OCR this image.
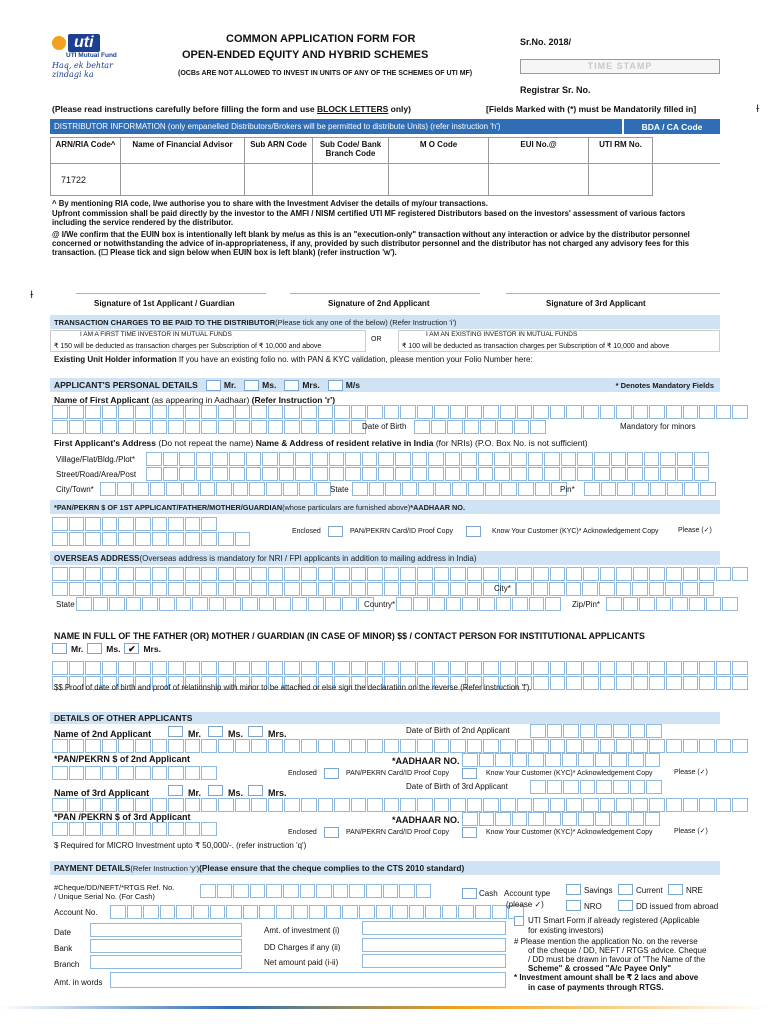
uti
UTI Mutual Fund
Haq, ek behtar zindagi ka
COMMON APPLICATION FORM FOR
OPEN-ENDED EQUITY AND HYBRID SCHEMES
(OCBs ARE NOT ALLOWED TO INVEST IN UNITS OF ANY OF THE SCHEMES OF UTI MF)
Sr.No. 2018/
TIME STAMP
Registrar Sr. No.
(Please read instructions carefully before filling the form and use BLOCK LETTERS only)	[Fields Marked with (*) must be Mandatorily filled in]	ɫ
ɫ
DISTRIBUTOR INFORMATION (only empanelled Distributors/Brokers will be permitted to distribute Units) (refer instruction 'h')	BDA / CA Code
ARN/RIA Code^	Name of Financial Advisor	Sub ARN Code	Sub Code/ Bank Branch Code	M O Code	EUI No.@	UTI RM No.	
71722							
^ By mentioning RIA code, I/we authorise you to share with the Investment Adviser the details of my/our transactions.
Upfront commission shall be paid directly by the investor to the AMFI / NISM certified UTI MF registered Distributors based on the investors' assessment of various factors including the service rendered by the distributor.
@ I/We confirm that the EUIN box is intentionally left blank by me/us as this is an "execution-only" transaction without any interaction or advice by the distributor personnel concerned or notwithstanding the advice of in-appropriateness, if any, provided by such distributor personnel and the distributor has not charged any advisory fees for this transaction. (☐ Please tick and sign below when EUIN box is left blank) (refer instruction 'w').
Signature of 1st Applicant / Guardian	Signature of 2nd Applicant	Signature of 3rd Applicant
TRANSACTION CHARGES TO BE PAID TO THE DISTRIBUTOR (Please tick any one of the below) (Refer Instruction 'i')
I AM A FIRST TIME INVESTOR IN MUTUAL FUNDS
₹ 150 will be deducted as transaction charges per Subscription of ₹ 10,000 and above
OR
I AM AN EXISTING INVESTOR IN MUTUAL FUNDS
₹ 100 will be deducted as transaction charges per Subscription of ₹ 10,000 and above
Existing Unit Holder information If you have an existing folio no. with PAN & KYC validation, please mention your Folio Number here:
APPLICANT'S PERSONAL DETAILS	Mr.	Ms.	Mrs.	M/s	* Denotes Mandatory Fields
Name of First Applicant (as appearing in Aadhaar) (Refer Instruction 'r')
Date of Birth	Mandatory for minors
First Applicant's Address (Do not repeat the name) Name & Address of resident relative in India (for NRIs) (P.O. Box No. is not sufficient)
Village/Flat/Bldg./Plot*
Street/Road/Area/Post
City/Town*	State	Pin*
*PAN/PEKRN $ OF 1ST APPLICANT/FATHER/MOTHER/GUARDIAN (whose particulars are furnished above) *AADHAAR NO.
Enclosed	PAN/PEKRN Card/ID Proof Copy	Know Your Customer (KYC)* Acknowledgement Copy	Please (✓)
OVERSEAS ADDRESS (Overseas address is mandatory for NRI / FPI applicants in addition to mailing address in India)
City*
State	Country*	Zip/Pin*
NAME IN FULL OF THE FATHER (OR) MOTHER / GUARDIAN (IN CASE OF MINOR) $$ / CONTACT PERSON FOR INSTITUTIONAL APPLICANTS
Mr.	Ms. ✔ Mrs.
$$ Proof of date of birth and proof of relationship with minor to be attached or else sign the declaration on the reverse (Refer instruction 'f').
DETAILS OF OTHER APPLICANTS
Name of 2nd Applicant	Mr.	Ms.	Mrs.	Date of Birth of 2nd Applicant
*PAN/PEKRN $ of 2nd Applicant	*AADHAAR NO.
Enclosed	PAN/PEKRN Card/ID Proof Copy	Know Your Customer (KYC)* Acknowledgement Copy	Please (✓)
Name of 3rd Applicant	Mr.	Ms.	Mrs.
Date of Birth of 3rd Applicant
*PAN /PEKRN $ of 3rd Applicant	*AADHAAR NO.
Enclosed	PAN/PEKRN Card/ID Proof Copy	Know Your Customer (KYC)* Acknowledgement Copy	Please (✓)
$ Required for MICRO Investment upto ₹ 50,000/-. (refer instruction 'q')
PAYMENT DETAILS (Refer Instruction 'y') (Please ensure that the cheque complies to the CTS 2010 standard)
#Cheque/DD/NEFT/*RTGS Ref. No.
/ Unique Serial No. (For Cash)	Cash
Account No.
Account type
(please ✓)
Savings	Current	NRE
NRO	DD issued from abroad
Date
Bank
Branch
Amt. in words
Amt. of investment (i)
DD Charges if any (ii)
Net amount paid (i-ii)
UTI Smart Form if already registered (Applicable
for existing investors)
# Please mention the application No. on the reverse
of the cheque / DD, NEFT / RTGS advice. Cheque
/ DD must be drawn in favour of "The Name of the
Scheme" & crossed "A/c Payee Only"
* Investment amount shall be ₹ 2 lacs and above
in case of payments through RTGS.
